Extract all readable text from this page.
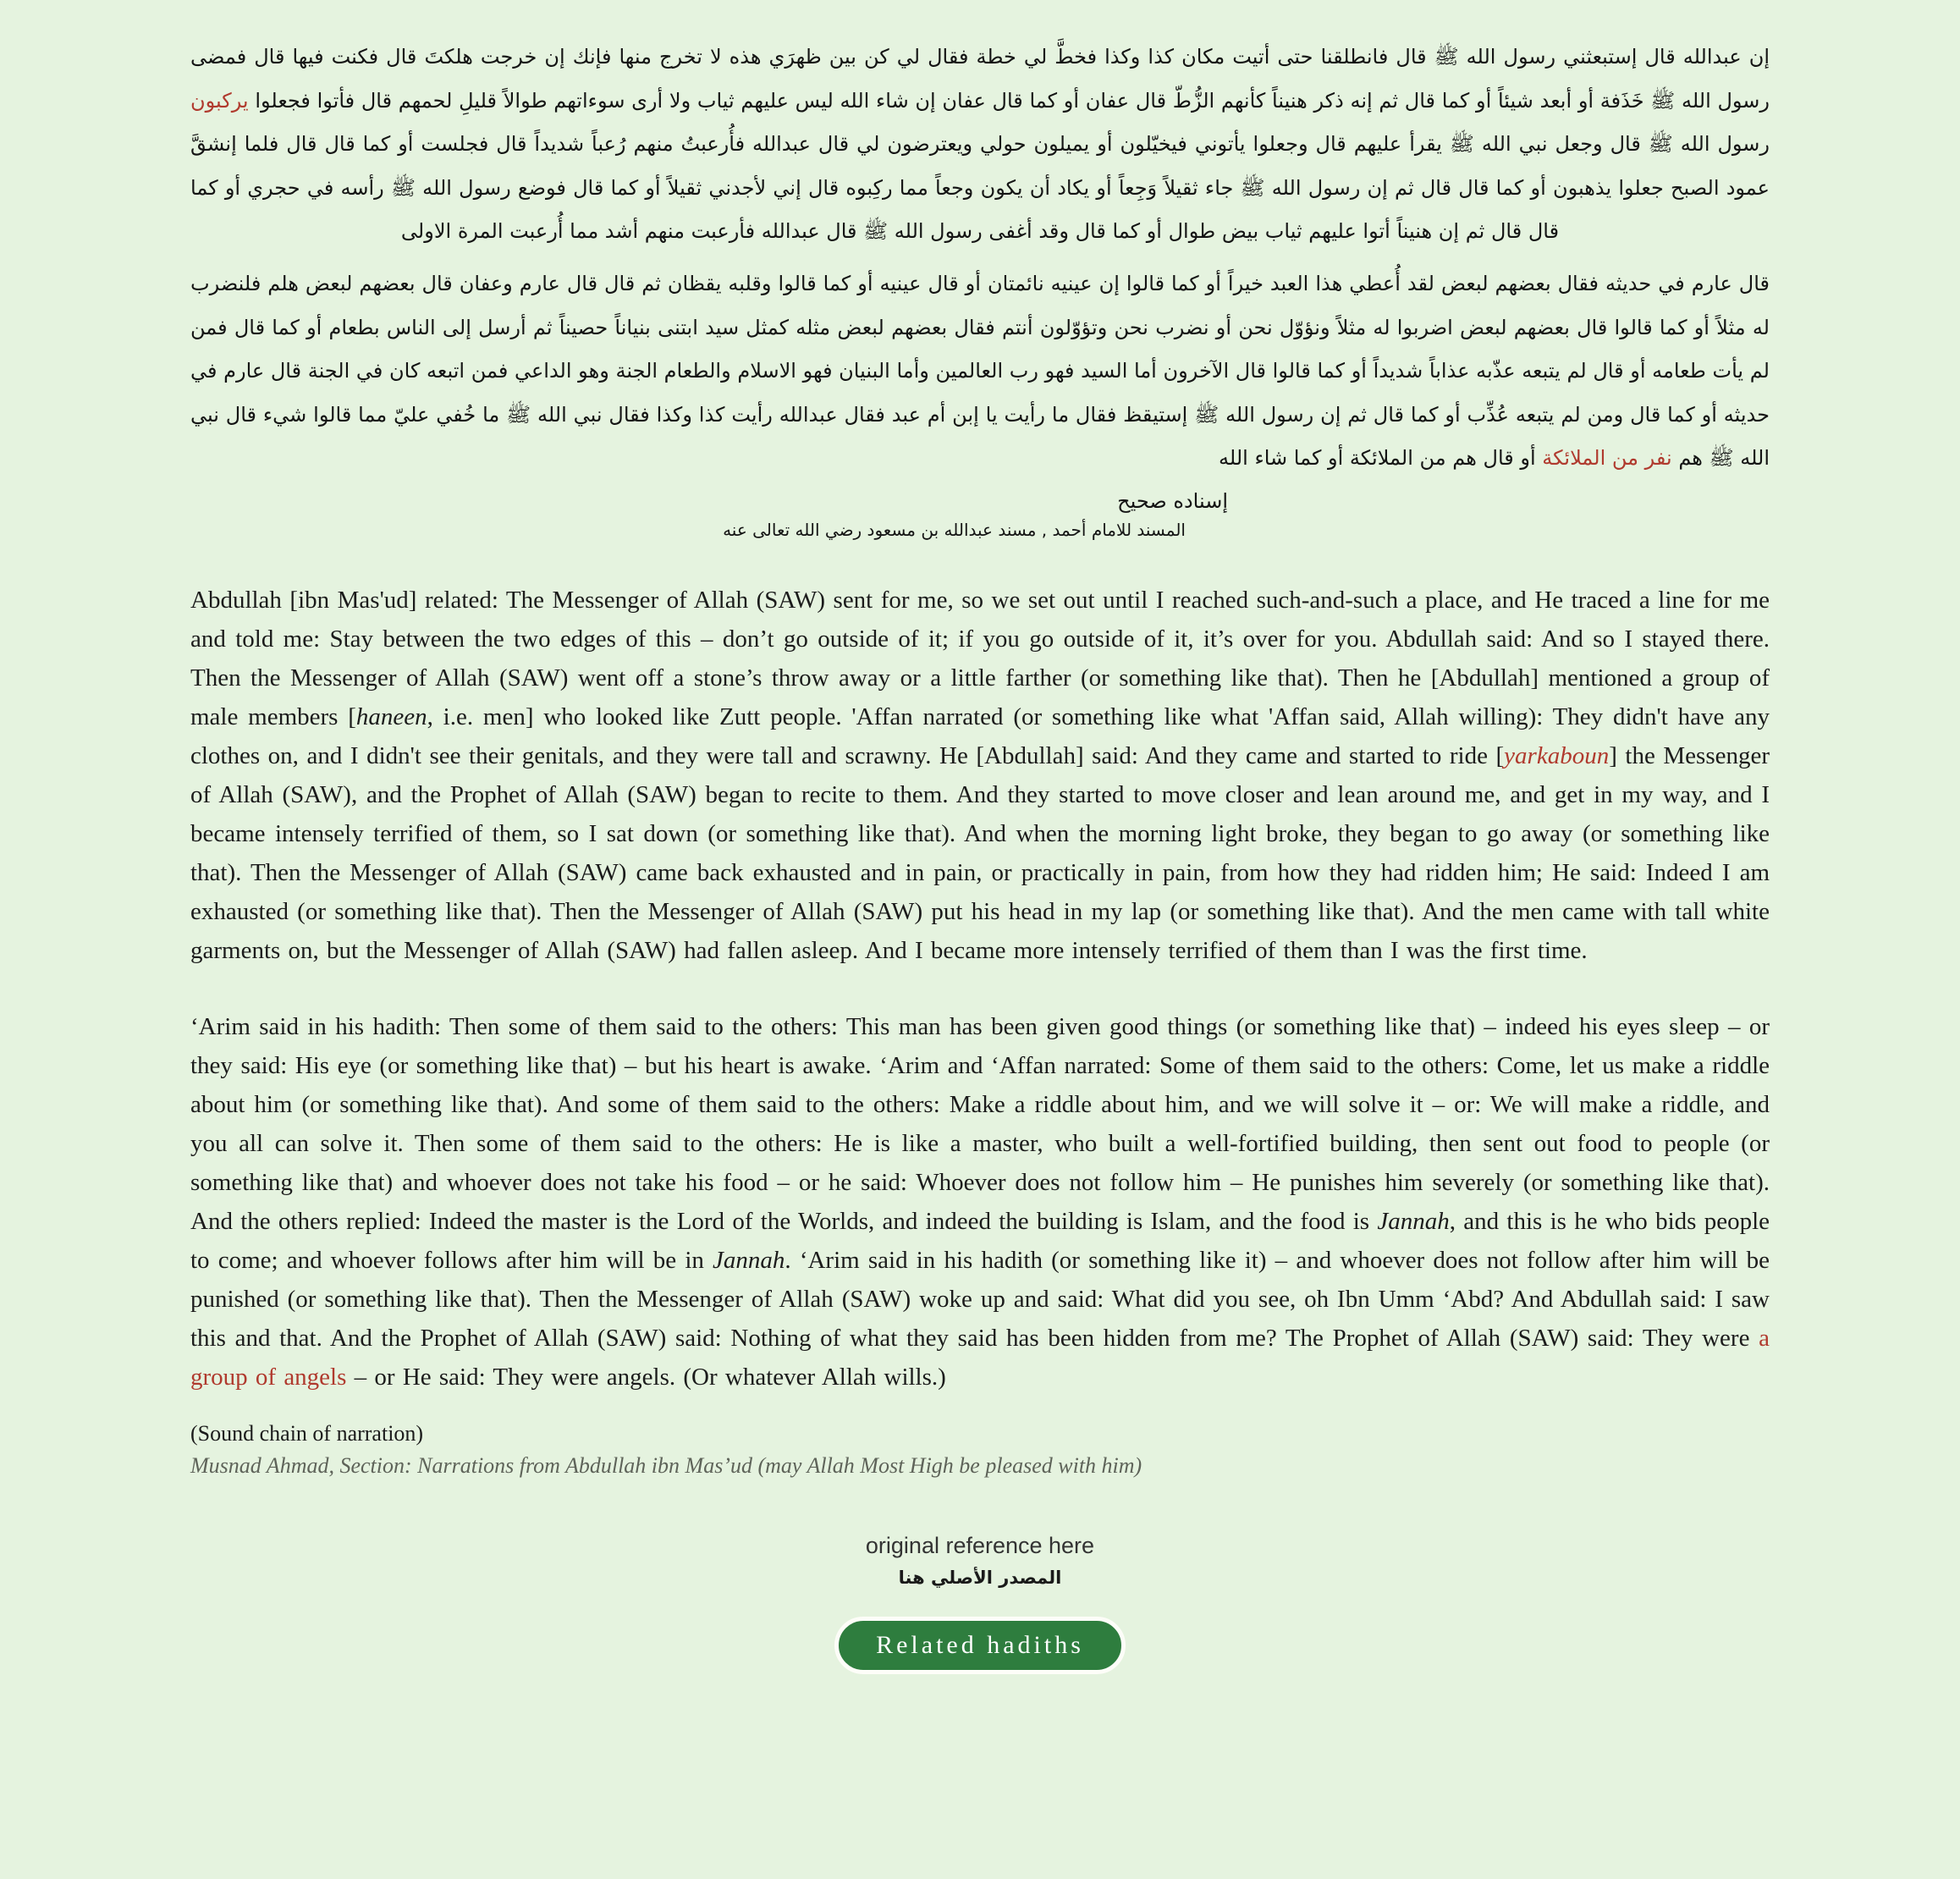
إن عبدالله قال إستبعثني رسول الله ﷺ قال فانطلقنا حتى أتيت مكان كذا وكذا فخطَّ لي خطة فقال لي كن بين ظهرَي هذه لا تخرج منها فإنك إن خرجت هلكتَ قال فكنت فيها قال فمضى رسول الله ﷺ خَذَفة أو أبعد شيئاً أو كما قال ثم إنه ذكر هنيناً كأنهم الزُّطّ قال عفان أو كما قال عفان إن شاء الله ليس عليهم ثياب ولا أرى سوءاتهم طوالاً قليلِ لحمهم قال فأتوا فجعلوا يركبون رسول الله ﷺ قال وجعل نبي الله ﷺ يقرأ عليهم قال وجعلوا يأتوني فيخيّلون أو يميلون حولي ويعترضون لي قال عبدالله فأُرعبتُ منهم رُعباً شديداً قال فجلست أو كما قال قال فلما إنشقَّ عمود الصبح جعلوا يذهبون أو كما قال قال ثم إن رسول الله ﷺ جاء ثقيلاً وَجِعاً أو يكاد أن يكون وجعاً مما ركِبوه قال إني لأجدني ثقيلاً أو كما قال فوضع رسول الله ﷺ رأسه في حجري أو كما قال قال ثم إن هنيناً أتوا عليهم ثياب بيض طوال أو كما قال وقد أغفى رسول الله ﷺ قال عبدالله فأرعبت منهم أشد مما أُرعبت المرة الاولى
قال عارم في حديثه فقال بعضهم لبعض لقد أُعطي هذا العبد خيراً أو كما قالوا إن عينيه نائمتان أو قال عينيه أو كما قالوا وقلبه يقظان ثم قال قال عارم وعفان قال بعضهم لبعض هلم فلنضرب له مثلاً أو كما قالوا قال بعضهم لبعض اضربوا له مثلاً ونؤوّل نحن أو نضرب نحن وتؤوّلون أنتم فقال بعضهم لبعض مثله كمثل سيد ابتنى بنياناً حصيناً ثم أرسل إلى الناس بطعام أو كما قال فمن لم يأت طعامه أو قال لم يتبعه عذّبه عذاباً شديداً أو كما قالوا قال الآخرون أما السيد فهو رب العالمين وأما البنيان فهو الاسلام والطعام الجنة وهو الداعي فمن اتبعه كان في الجنة قال عارم في حديثه أو كما قال ومن لم يتبعه عُذِّب أو كما قال ثم إن رسول الله ﷺ إستيقظ فقال ما رأيت يا إبن أم عبد فقال عبدالله رأيت كذا وكذا فقال نبي الله ﷺ ما خُفي عليّ مما قالوا شيء قال نبي الله ﷺ هم نفر من الملائكة أو قال هم من الملائكة أو كما شاء الله
إسناده صحيح
المسند للامام أحمد , مسند عبدالله بن مسعود رضي الله تعالى عنه

Abdullah [ibn Mas'ud] related: The Messenger of Allah (SAW) sent for me, so we set out until I reached such-and-such a place, and He traced a line for me and told me: Stay between the two edges of this – don’t go outside of it; if you go outside of it, it’s over for you. Abdullah said: And so I stayed there. Then the Messenger of Allah (SAW) went off a stone’s throw away or a little farther (or something like that). Then he [Abdullah] mentioned a group of male members [haneen, i.e. men] who looked like Zutt people. 'Affan narrated (or something like what 'Affan said, Allah willing): They didn't have any clothes on, and I didn't see their genitals, and they were tall and scrawny. He [Abdullah] said: And they came and started to ride [yarkaboun] the Messenger of Allah (SAW), and the Prophet of Allah (SAW) began to recite to them. And they started to move closer and lean around me, and get in my way, and I became intensely terrified of them, so I sat down (or something like that). And when the morning light broke, they began to go away (or something like that). Then the Messenger of Allah (SAW) came back exhausted and in pain, or practically in pain, from how they had ridden him; He said: Indeed I am exhausted (or something like that). Then the Messenger of Allah (SAW) put his head in my lap (or something like that). And the men came with tall white garments on, but the Messenger of Allah (SAW) had fallen asleep. And I became more intensely terrified of them than I was the first time.

‘Arim said in his hadith: Then some of them said to the others: This man has been given good things (or something like that) – indeed his eyes sleep – or they said: His eye (or something like that) – but his heart is awake. ‘Arim and ‘Affan narrated: Some of them said to the others: Come, let us make a riddle about him (or something like that). And some of them said to the others: Make a riddle about him, and we will solve it – or: We will make a riddle, and you all can solve it. Then some of them said to the others: He is like a master, who built a well-fortified building, then sent out food to people (or something like that) and whoever does not take his food – or he said: Whoever does not follow him – He punishes him severely (or something like that). And the others replied: Indeed the master is the Lord of the Worlds, and indeed the building is Islam, and the food is Jannah, and this is he who bids people to come; and whoever follows after him will be in Jannah. ‘Arim said in his hadith (or something like it) – and whoever does not follow after him will be punished (or something like that). Then the Messenger of Allah (SAW) woke up and said: What did you see, oh Ibn Umm ‘Abd? And Abdullah said: I saw this and that. And the Prophet of Allah (SAW) said: Nothing of what they said has been hidden from me? The Prophet of Allah (SAW) said: They were a group of angels – or He said: They were angels. (Or whatever Allah wills.)

(Sound chain of narration)
Musnad Ahmad, Section: Narrations from Abdullah ibn Mas’ud (may Allah Most High be pleased with him)
original reference here
المصدر الأصلي هنا
Related hadiths
